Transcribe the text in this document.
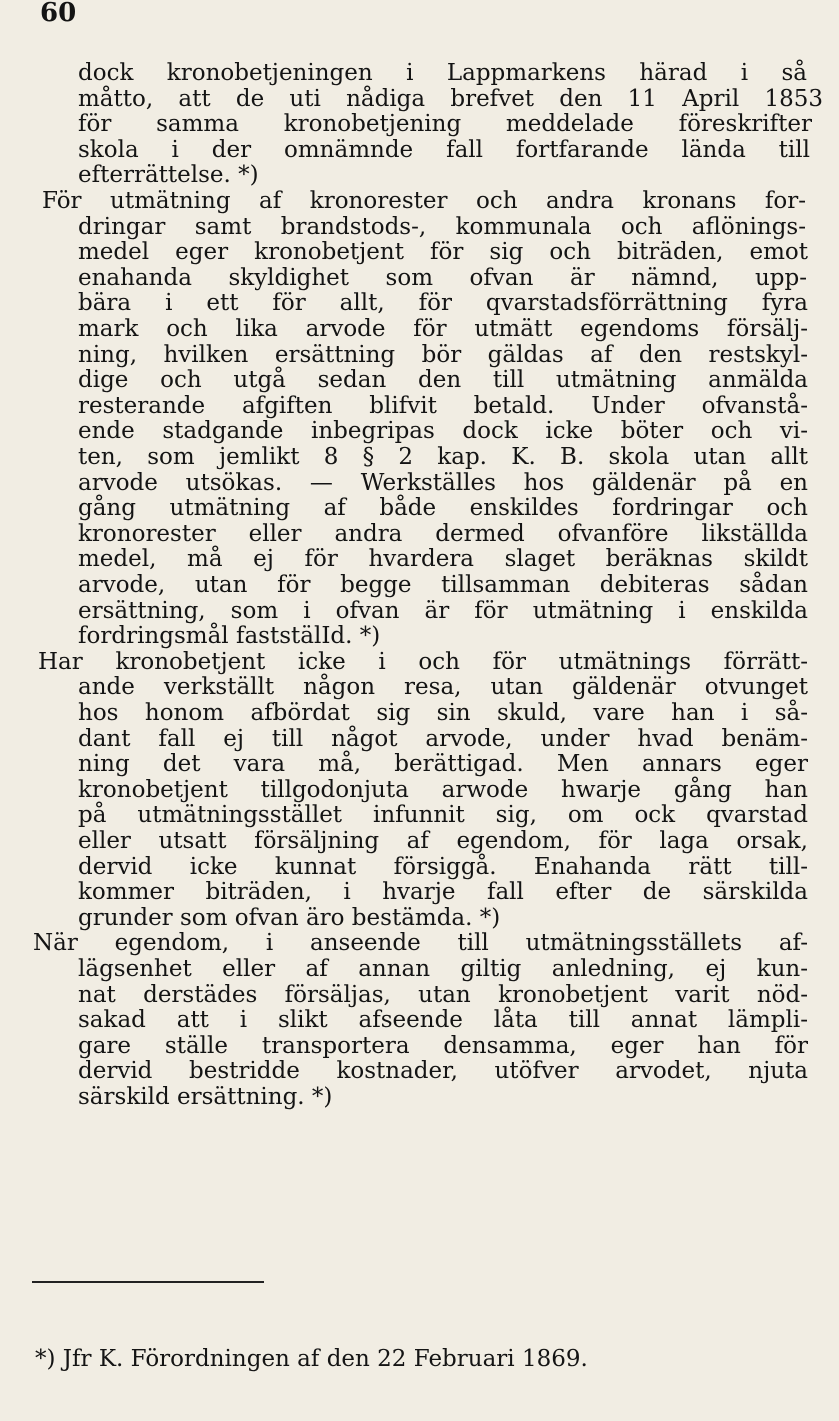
60
dock kronobetjeningen i Lappmarkens härad i så
måtto, att de uti nådiga brefvet den 11 April 1853
för samma kronobetjening meddelade föreskrifter
skola i der omnämnde fall fortfarande lända till
efterrättelse. *)
För utmätning af kronorester och andra kronans for-
dringar samt brandstods-, kommunala och aflönings-
medel eger kronobetjent för sig och biträden, emot
enahanda skyldighet som ofvan är nämnd, upp-
bära i ett för allt, för qvarstadsförrättning fyra
mark och lika arvode för utmätt egendoms försälj-
ning, hvilken ersättning bör gäldas af den restskyl-
dige och utgå sedan den till utmätning anmälda
resterande afgiften blifvit betald. Under ofvanstå-
ende stadgande inbegripas dock icke böter och vi-
ten, som jemlikt 8 § 2 kap. K. B. skola utan allt
arvode utsökas. — Werkställes hos gäldenär på en
gång utmätning af både enskildes fordringar och
kronorester eller andra dermed ofvanföre likställda
medel, må ej för hvardera slaget beräknas skildt
arvode, utan för begge tillsamman debiteras sådan
ersättning, som i ofvan är för utmätning i enskilda
fordringsmål faststälId. *)
Har kronobetjent icke i och för utmätnings förrätt-
ande verkställt någon resa, utan gäldenär otvunget
hos honom afbördat sig sin skuld, vare han i så-
dant fall ej till något arvode, under hvad benäm-
ning det vara må, berättigad. Men annars eger
kronobetjent tillgodonjuta arwode hwarje gång han
på utmätningsstället infunnit sig, om ock qvarstad
eller utsatt försäljning af egendom, för laga orsak,
dervid icke kunnat försiggå. Enahanda rätt till-
kommer biträden, i hvarje fall efter de särskilda
grunder som ofvan äro bestämda. *)
När egendom, i anseende till utmätningsställets af-
lägsenhet eller af annan giltig anledning, ej kun-
nat derstädes försäljas, utan kronobetjent varit nöd-
sakad att i slikt afseende låta till annat lämpli-
gare ställe transportera densamma, eger han för
dervid bestridde kostnader, utöfver arvodet, njuta
särskild ersättning. *)
*) Jfr K. Förordningen af den 22 Februari 1869.
